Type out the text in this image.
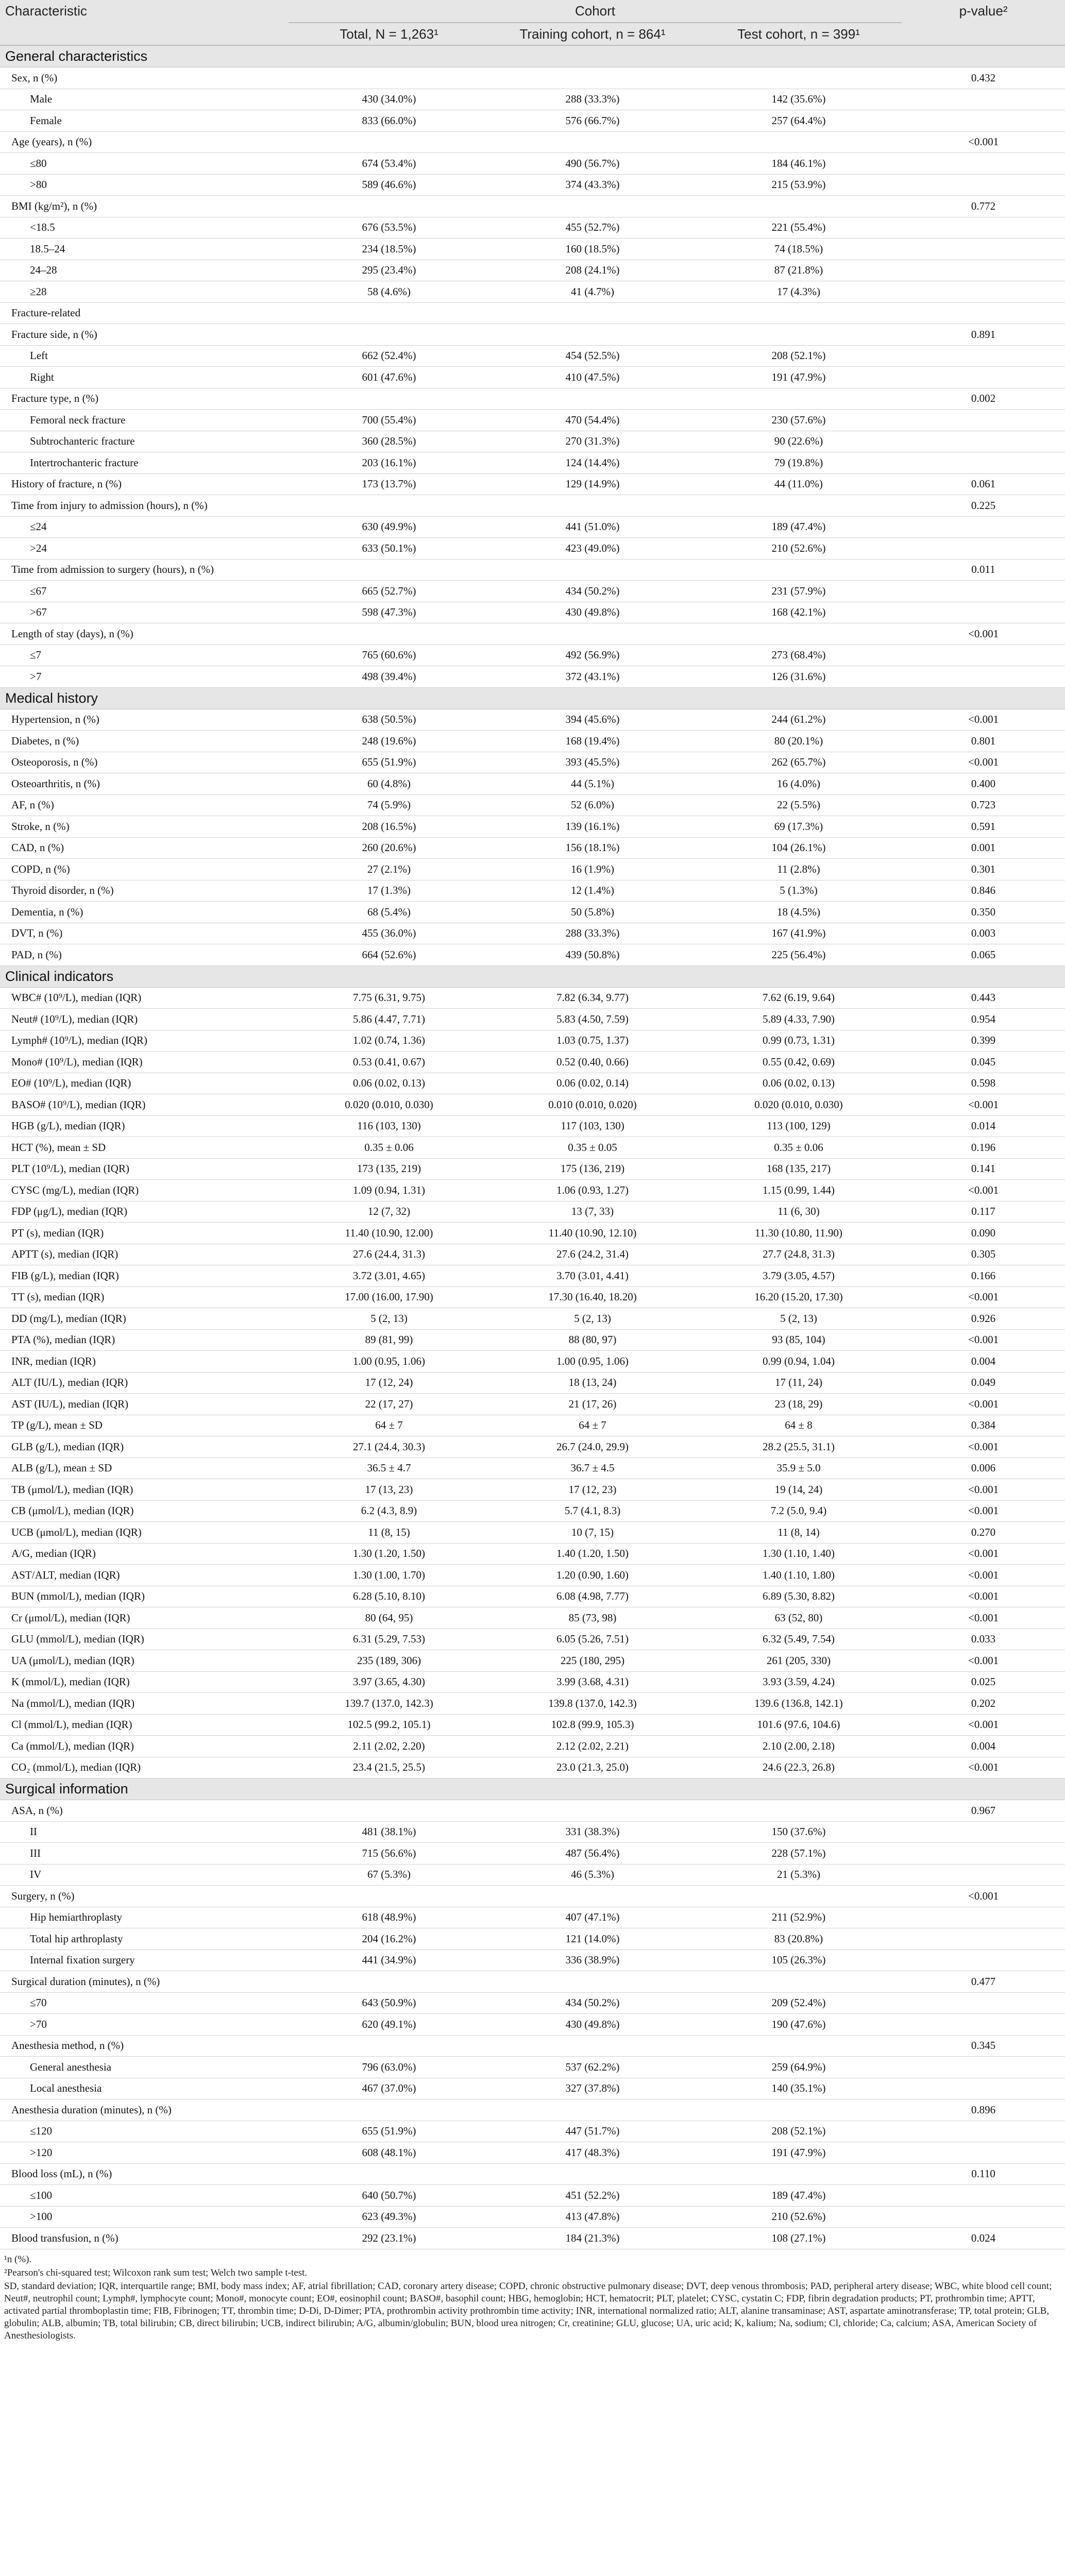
Characteristic	Cohort			p-value²
	Total, N = 1,263¹	Training cohort, n = 864¹	Test cohort, n = 399¹	
General characteristics				
Sex, n (%)				0.432
Male	430 (34.0%)	288 (33.3%)	142 (35.6%)	
Female	833 (66.0%)	576 (66.7%)	257 (64.4%)	
Age (years), n (%)				<0.001
≤80	674 (53.4%)	490 (56.7%)	184 (46.1%)	
>80	589 (46.6%)	374 (43.3%)	215 (53.9%)	
BMI (kg/m²), n (%)				0.772
<18.5	676 (53.5%)	455 (52.7%)	221 (55.4%)	
18.5–24	234 (18.5%)	160 (18.5%)	74 (18.5%)	
24–28	295 (23.4%)	208 (24.1%)	87 (21.8%)	
≥28	58 (4.6%)	41 (4.7%)	17 (4.3%)	
Fracture-related				
Fracture side, n (%)				0.891
Left	662 (52.4%)	454 (52.5%)	208 (52.1%)	
Right	601 (47.6%)	410 (47.5%)	191 (47.9%)	
Fracture type, n (%)				0.002
Femoral neck fracture	700 (55.4%)	470 (54.4%)	230 (57.6%)	
Subtrochanteric fracture	360 (28.5%)	270 (31.3%)	90 (22.6%)	
Intertrochanteric fracture	203 (16.1%)	124 (14.4%)	79 (19.8%)	
History of fracture, n (%)	173 (13.7%)	129 (14.9%)	44 (11.0%)	0.061
Time from injury to admission (hours), n (%)				0.225
≤24	630 (49.9%)	441 (51.0%)	189 (47.4%)	
>24	633 (50.1%)	423 (49.0%)	210 (52.6%)	
Time from admission to surgery (hours), n (%)				0.011
≤67	665 (52.7%)	434 (50.2%)	231 (57.9%)	
>67	598 (47.3%)	430 (49.8%)	168 (42.1%)	
Length of stay (days), n (%)				<0.001
≤7	765 (60.6%)	492 (56.9%)	273 (68.4%)	
>7	498 (39.4%)	372 (43.1%)	126 (31.6%)	
Medical history				
Hypertension, n (%)	638 (50.5%)	394 (45.6%)	244 (61.2%)	<0.001
Diabetes, n (%)	248 (19.6%)	168 (19.4%)	80 (20.1%)	0.801
Osteoporosis, n (%)	655 (51.9%)	393 (45.5%)	262 (65.7%)	<0.001
Osteoarthritis, n (%)	60 (4.8%)	44 (5.1%)	16 (4.0%)	0.400
AF, n (%)	74 (5.9%)	52 (6.0%)	22 (5.5%)	0.723
Stroke, n (%)	208 (16.5%)	139 (16.1%)	69 (17.3%)	0.591
CAD, n (%)	260 (20.6%)	156 (18.1%)	104 (26.1%)	0.001
COPD, n (%)	27 (2.1%)	16 (1.9%)	11 (2.8%)	0.301
Thyroid disorder, n (%)	17 (1.3%)	12 (1.4%)	5 (1.3%)	0.846
Dementia, n (%)	68 (5.4%)	50 (5.8%)	18 (4.5%)	0.350
DVT, n (%)	455 (36.0%)	288 (33.3%)	167 (41.9%)	0.003
PAD, n (%)	664 (52.6%)	439 (50.8%)	225 (56.4%)	0.065
Clinical indicators				
WBC# (10⁹/L), median (IQR)	7.75 (6.31, 9.75)	7.82 (6.34, 9.77)	7.62 (6.19, 9.64)	0.443
Neut# (10⁹/L), median (IQR)	5.86 (4.47, 7.71)	5.83 (4.50, 7.59)	5.89 (4.33, 7.90)	0.954
Lymph# (10⁹/L), median (IQR)	1.02 (0.74, 1.36)	1.03 (0.75, 1.37)	0.99 (0.73, 1.31)	0.399
Mono# (10⁹/L), median (IQR)	0.53 (0.41, 0.67)	0.52 (0.40, 0.66)	0.55 (0.42, 0.69)	0.045
EO# (10⁹/L), median (IQR)	0.06 (0.02, 0.13)	0.06 (0.02, 0.14)	0.06 (0.02, 0.13)	0.598
BASO# (10⁹/L), median (IQR)	0.020 (0.010, 0.030)	0.010 (0.010, 0.020)	0.020 (0.010, 0.030)	<0.001
HGB (g/L), median (IQR)	116 (103, 130)	117 (103, 130)	113 (100, 129)	0.014
HCT (%), mean ± SD	0.35 ± 0.06	0.35 ± 0.05	0.35 ± 0.06	0.196
PLT (10⁹/L), median (IQR)	173 (135, 219)	175 (136, 219)	168 (135, 217)	0.141
CYSC (mg/L), median (IQR)	1.09 (0.94, 1.31)	1.06 (0.93, 1.27)	1.15 (0.99, 1.44)	<0.001
FDP (μg/L), median (IQR)	12 (7, 32)	13 (7, 33)	11 (6, 30)	0.117
PT (s), median (IQR)	11.40 (10.90, 12.00)	11.40 (10.90, 12.10)	11.30 (10.80, 11.90)	0.090
APTT (s), median (IQR)	27.6 (24.4, 31.3)	27.6 (24.2, 31.4)	27.7 (24.8, 31.3)	0.305
FIB (g/L), median (IQR)	3.72 (3.01, 4.65)	3.70 (3.01, 4.41)	3.79 (3.05, 4.57)	0.166
TT (s), median (IQR)	17.00 (16.00, 17.90)	17.30 (16.40, 18.20)	16.20 (15.20, 17.30)	<0.001
DD (mg/L), median (IQR)	5 (2, 13)	5 (2, 13)	5 (2, 13)	0.926
PTA (%), median (IQR)	89 (81, 99)	88 (80, 97)	93 (85, 104)	<0.001
INR, median (IQR)	1.00 (0.95, 1.06)	1.00 (0.95, 1.06)	0.99 (0.94, 1.04)	0.004
ALT (IU/L), median (IQR)	17 (12, 24)	18 (13, 24)	17 (11, 24)	0.049
AST (IU/L), median (IQR)	22 (17, 27)	21 (17, 26)	23 (18, 29)	<0.001
TP (g/L), mean ± SD	64 ± 7	64 ± 7	64 ± 8	0.384
GLB (g/L), median (IQR)	27.1 (24.4, 30.3)	26.7 (24.0, 29.9)	28.2 (25.5, 31.1)	<0.001
ALB (g/L), mean ± SD	36.5 ± 4.7	36.7 ± 4.5	35.9 ± 5.0	0.006
TB (μmol/L), median (IQR)	17 (13, 23)	17 (12, 23)	19 (14, 24)	<0.001
CB (μmol/L), median (IQR)	6.2 (4.3, 8.9)	5.7 (4.1, 8.3)	7.2 (5.0, 9.4)	<0.001
UCB (μmol/L), median (IQR)	11 (8, 15)	10 (7, 15)	11 (8, 14)	0.270
A/G, median (IQR)	1.30 (1.20, 1.50)	1.40 (1.20, 1.50)	1.30 (1.10, 1.40)	<0.001
AST/ALT, median (IQR)	1.30 (1.00, 1.70)	1.20 (0.90, 1.60)	1.40 (1.10, 1.80)	<0.001
BUN (mmol/L), median (IQR)	6.28 (5.10, 8.10)	6.08 (4.98, 7.77)	6.89 (5.30, 8.82)	<0.001
Cr (μmol/L), median (IQR)	80 (64, 95)	85 (73, 98)	63 (52, 80)	<0.001
GLU (mmol/L), median (IQR)	6.31 (5.29, 7.53)	6.05 (5.26, 7.51)	6.32 (5.49, 7.54)	0.033
UA (μmol/L), median (IQR)	235 (189, 306)	225 (180, 295)	261 (205, 330)	<0.001
K (mmol/L), median (IQR)	3.97 (3.65, 4.30)	3.99 (3.68, 4.31)	3.93 (3.59, 4.24)	0.025
Na (mmol/L), median (IQR)	139.7 (137.0, 142.3)	139.8 (137.0, 142.3)	139.6 (136.8, 142.1)	0.202
Cl (mmol/L), median (IQR)	102.5 (99.2, 105.1)	102.8 (99.9, 105.3)	101.6 (97.6, 104.6)	<0.001
Ca (mmol/L), median (IQR)	2.11 (2.02, 2.20)	2.12 (2.02, 2.21)	2.10 (2.00, 2.18)	0.004
CO₂ (mmol/L), median (IQR)	23.4 (21.5, 25.5)	23.0 (21.3, 25.0)	24.6 (22.3, 26.8)	<0.001
Surgical information				
ASA, n (%)				0.967
II	481 (38.1%)	331 (38.3%)	150 (37.6%)	
III	715 (56.6%)	487 (56.4%)	228 (57.1%)	
IV	67 (5.3%)	46 (5.3%)	21 (5.3%)	
Surgery, n (%)				<0.001
Hip hemiarthroplasty	618 (48.9%)	407 (47.1%)	211 (52.9%)	
Total hip arthroplasty	204 (16.2%)	121 (14.0%)	83 (20.8%)	
Internal fixation surgery	441 (34.9%)	336 (38.9%)	105 (26.3%)	
Surgical duration (minutes), n (%)				0.477
≤70	643 (50.9%)	434 (50.2%)	209 (52.4%)	
>70	620 (49.1%)	430 (49.8%)	190 (47.6%)	
Anesthesia method, n (%)				0.345
General anesthesia	796 (63.0%)	537 (62.2%)	259 (64.9%)	
Local anesthesia	467 (37.0%)	327 (37.8%)	140 (35.1%)	
Anesthesia duration (minutes), n (%)				0.896
≤120	655 (51.9%)	447 (51.7%)	208 (52.1%)	
>120	608 (48.1%)	417 (48.3%)	191 (47.9%)	
Blood loss (mL), n (%)				0.110
≤100	640 (50.7%)	451 (52.2%)	189 (47.4%)	
>100	623 (49.3%)	413 (47.8%)	210 (52.6%)	
Blood transfusion, n (%)	292 (23.1%)	184 (21.3%)	108 (27.1%)	0.024

¹n (%).

²Pearson's chi-squared test; Wilcoxon rank sum test; Welch two sample t-test.

SD, standard deviation; IQR, interquartile range; BMI, body mass index; AF, atrial fibrillation; CAD, coronary artery disease; COPD, chronic obstructive pulmonary disease; DVT, deep venous thrombosis; PAD, peripheral artery disease; WBC, white blood cell count; Neut#, neutrophil count; Lymph#, lymphocyte count; Mono#, monocyte count; EO#, eosinophil count; BASO#, basophil count; HBG, hemoglobin; HCT, hematocrit; PLT, platelet; CYSC, cystatin C; FDP, fibrin degradation products; PT, prothrombin time; APTT, activated partial thromboplastin time; FIB, Fibrinogen; TT, thrombin time; D-Di, D-Dimer; PTA, prothrombin activity prothrombin time activity; INR, international normalized ratio; ALT, alanine transaminase; AST, aspartate aminotransferase; TP, total protein; GLB, globulin; ALB, albumin; TB, total bilirubin; CB, direct bilirubin; UCB, indirect bilirubin; A/G, albumin/globulin; BUN, blood urea nitrogen; Cr, creatinine; GLU, glucose; UA, uric acid; K, kalium; Na, sodium; Cl, chloride; Ca, calcium; ASA, American Society of Anesthesiologists.
